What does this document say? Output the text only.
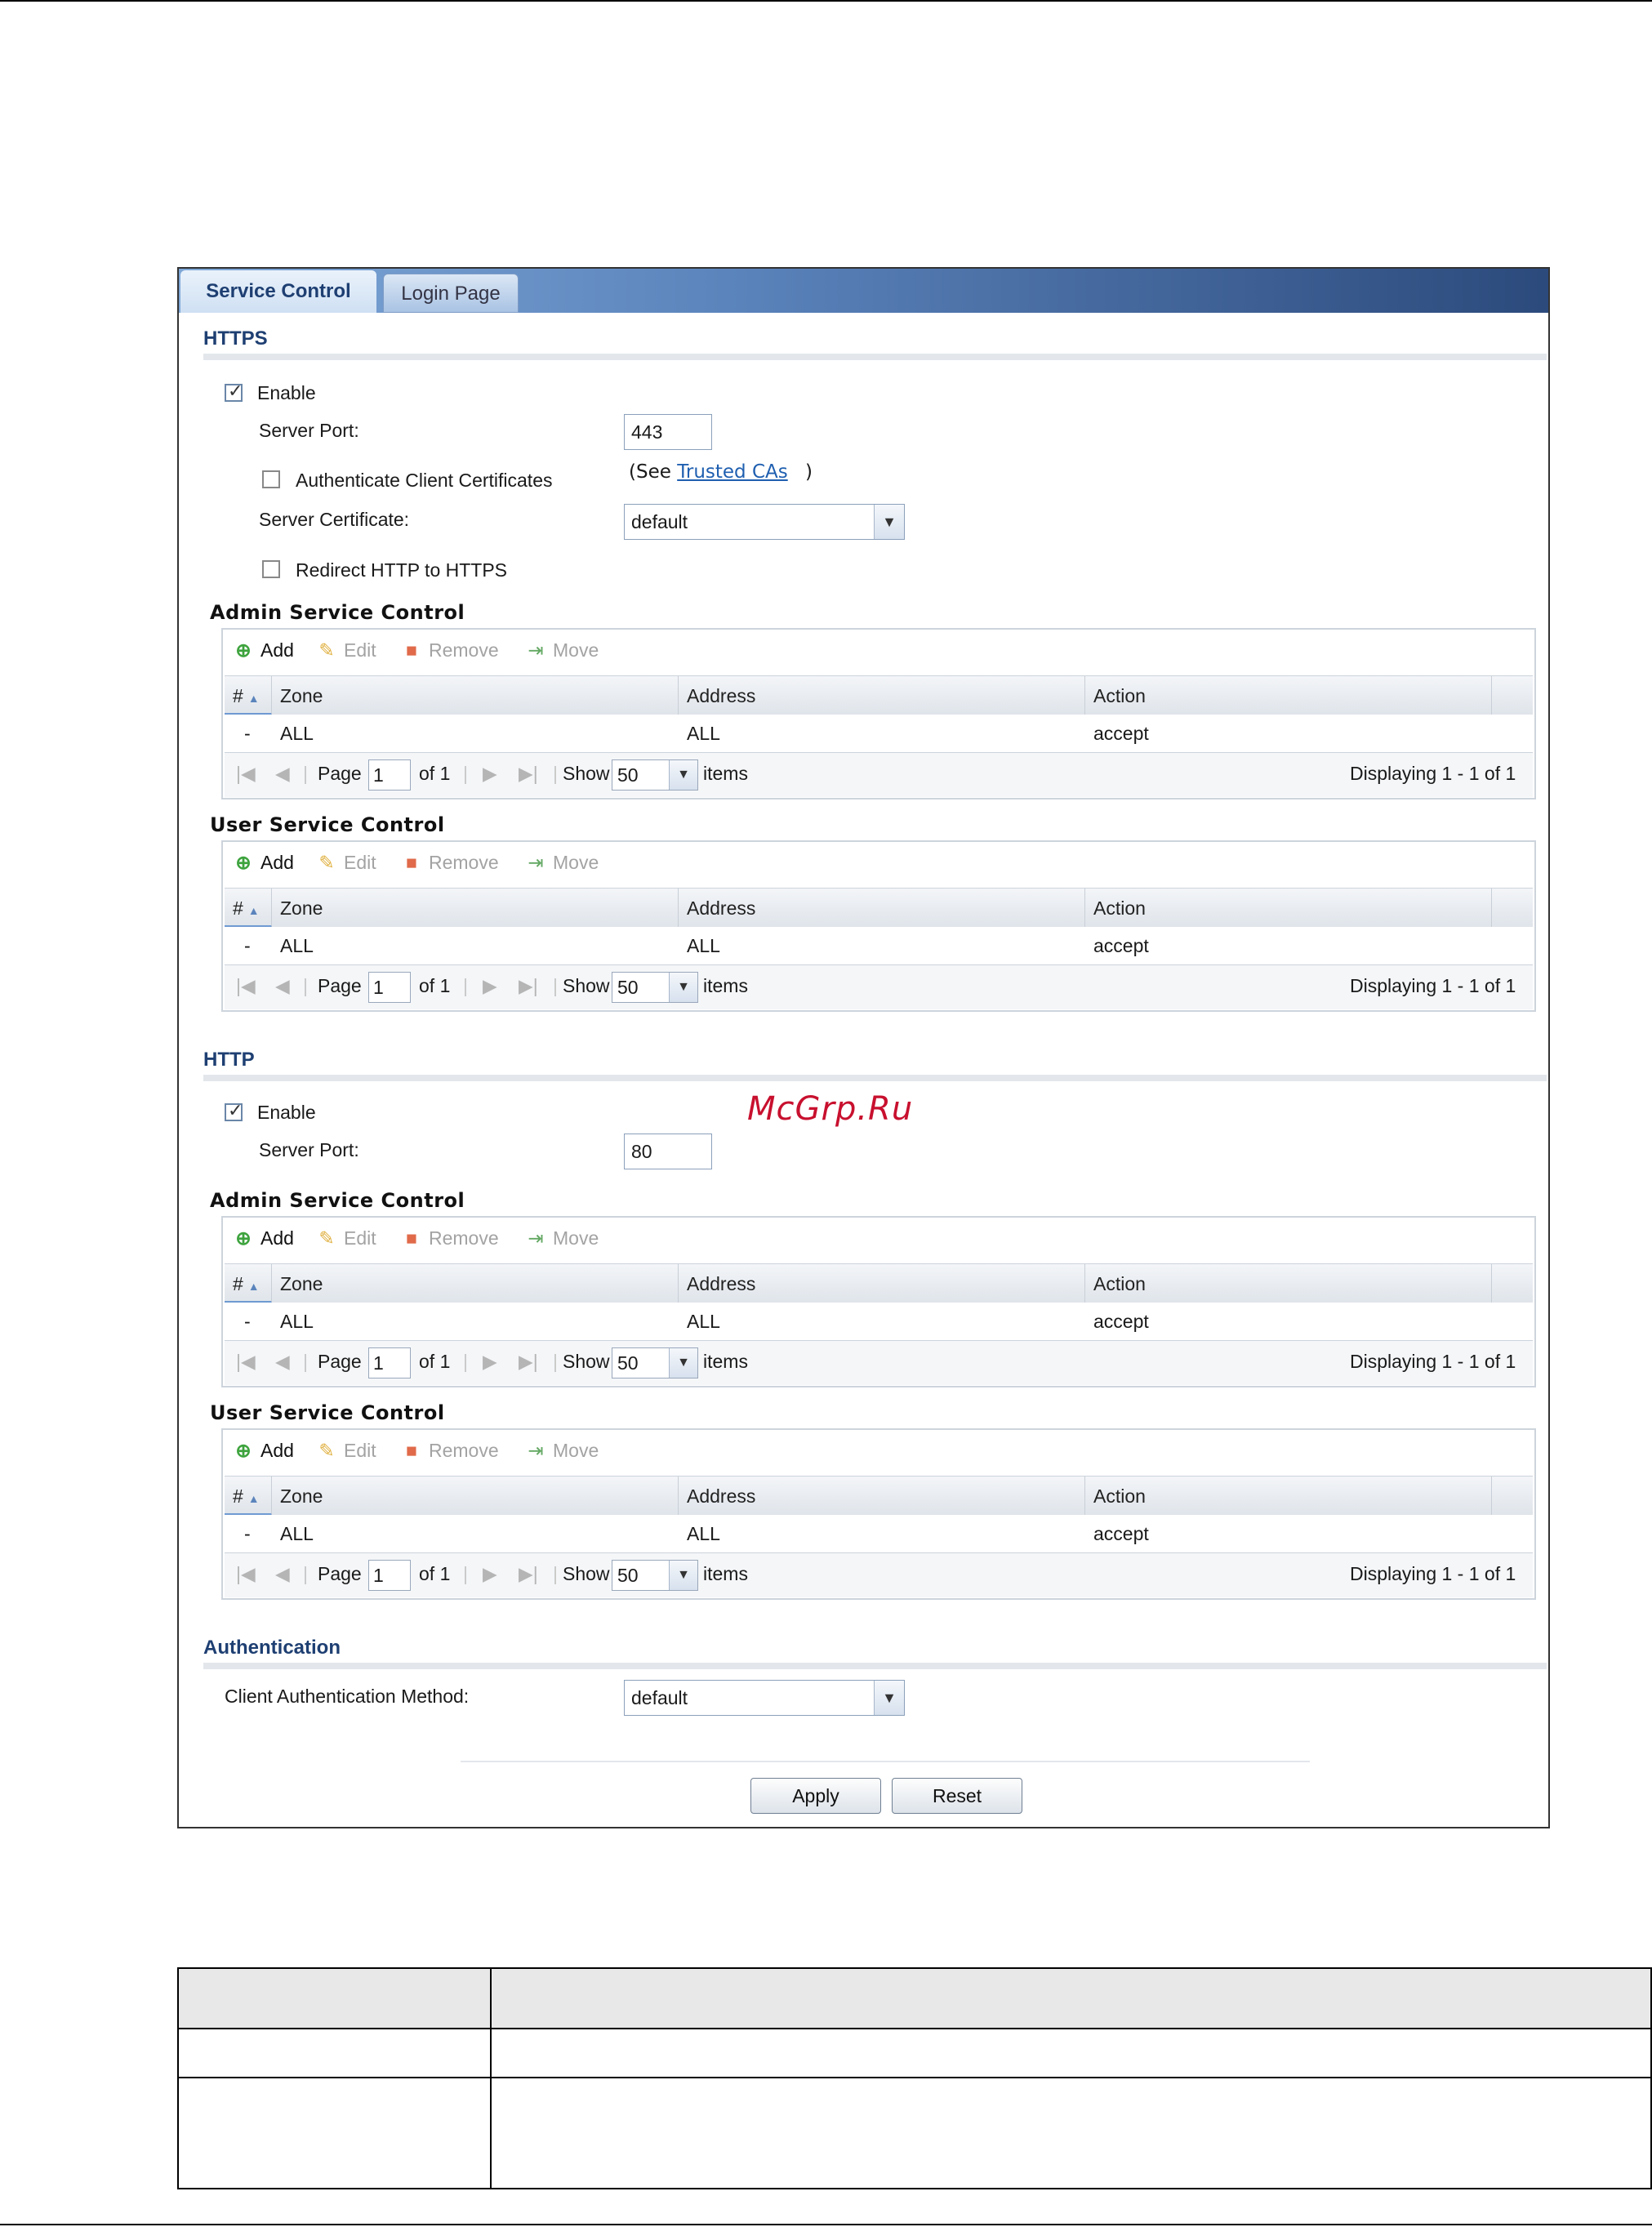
Service Control	Login Page
HTTPS
✓
Enable
Server Port:	443
Authenticate Client Certificates	(See Trusted CAs )
Server Certificate:	default	▼
Redirect HTTP to HTTPS
Admin Service Control
⊕ Add ✎ Edit ■ Remove ⇥ Move
# ▲	Zone	Address	Action
-	ALL	ALL	accept
|◀ ◀ | Page 1	of 1 | ▶ ▶| | Show 50	▼ items	Displaying 1 - 1 of 1
User Service Control
⊕ Add ✎ Edit ■ Remove ⇥ Move
# ▲	Zone	Address	Action
-	ALL	ALL	accept
|◀ ◀ | Page 1	of 1 | ▶ ▶| | Show 50	▼ items	Displaying 1 - 1 of 1
HTTP
✓
Enable
Server Port:	80
Admin Service Control
⊕ Add ✎ Edit ■ Remove ⇥ Move
# ▲	Zone	Address	Action
-	ALL	ALL	accept
|◀ ◀ | Page 1	of 1 | ▶ ▶| | Show 50	▼ items	Displaying 1 - 1 of 1
User Service Control
⊕ Add ✎ Edit ■ Remove ⇥ Move
# ▲	Zone	Address	Action
-	ALL	ALL	accept
|◀ ◀ | Page 1	of 1 | ▶ ▶| | Show 50	▼ items	Displaying 1 - 1 of 1
Authentication
Client Authentication Method:	default	▼
Apply	Reset
McGrp.Ru
